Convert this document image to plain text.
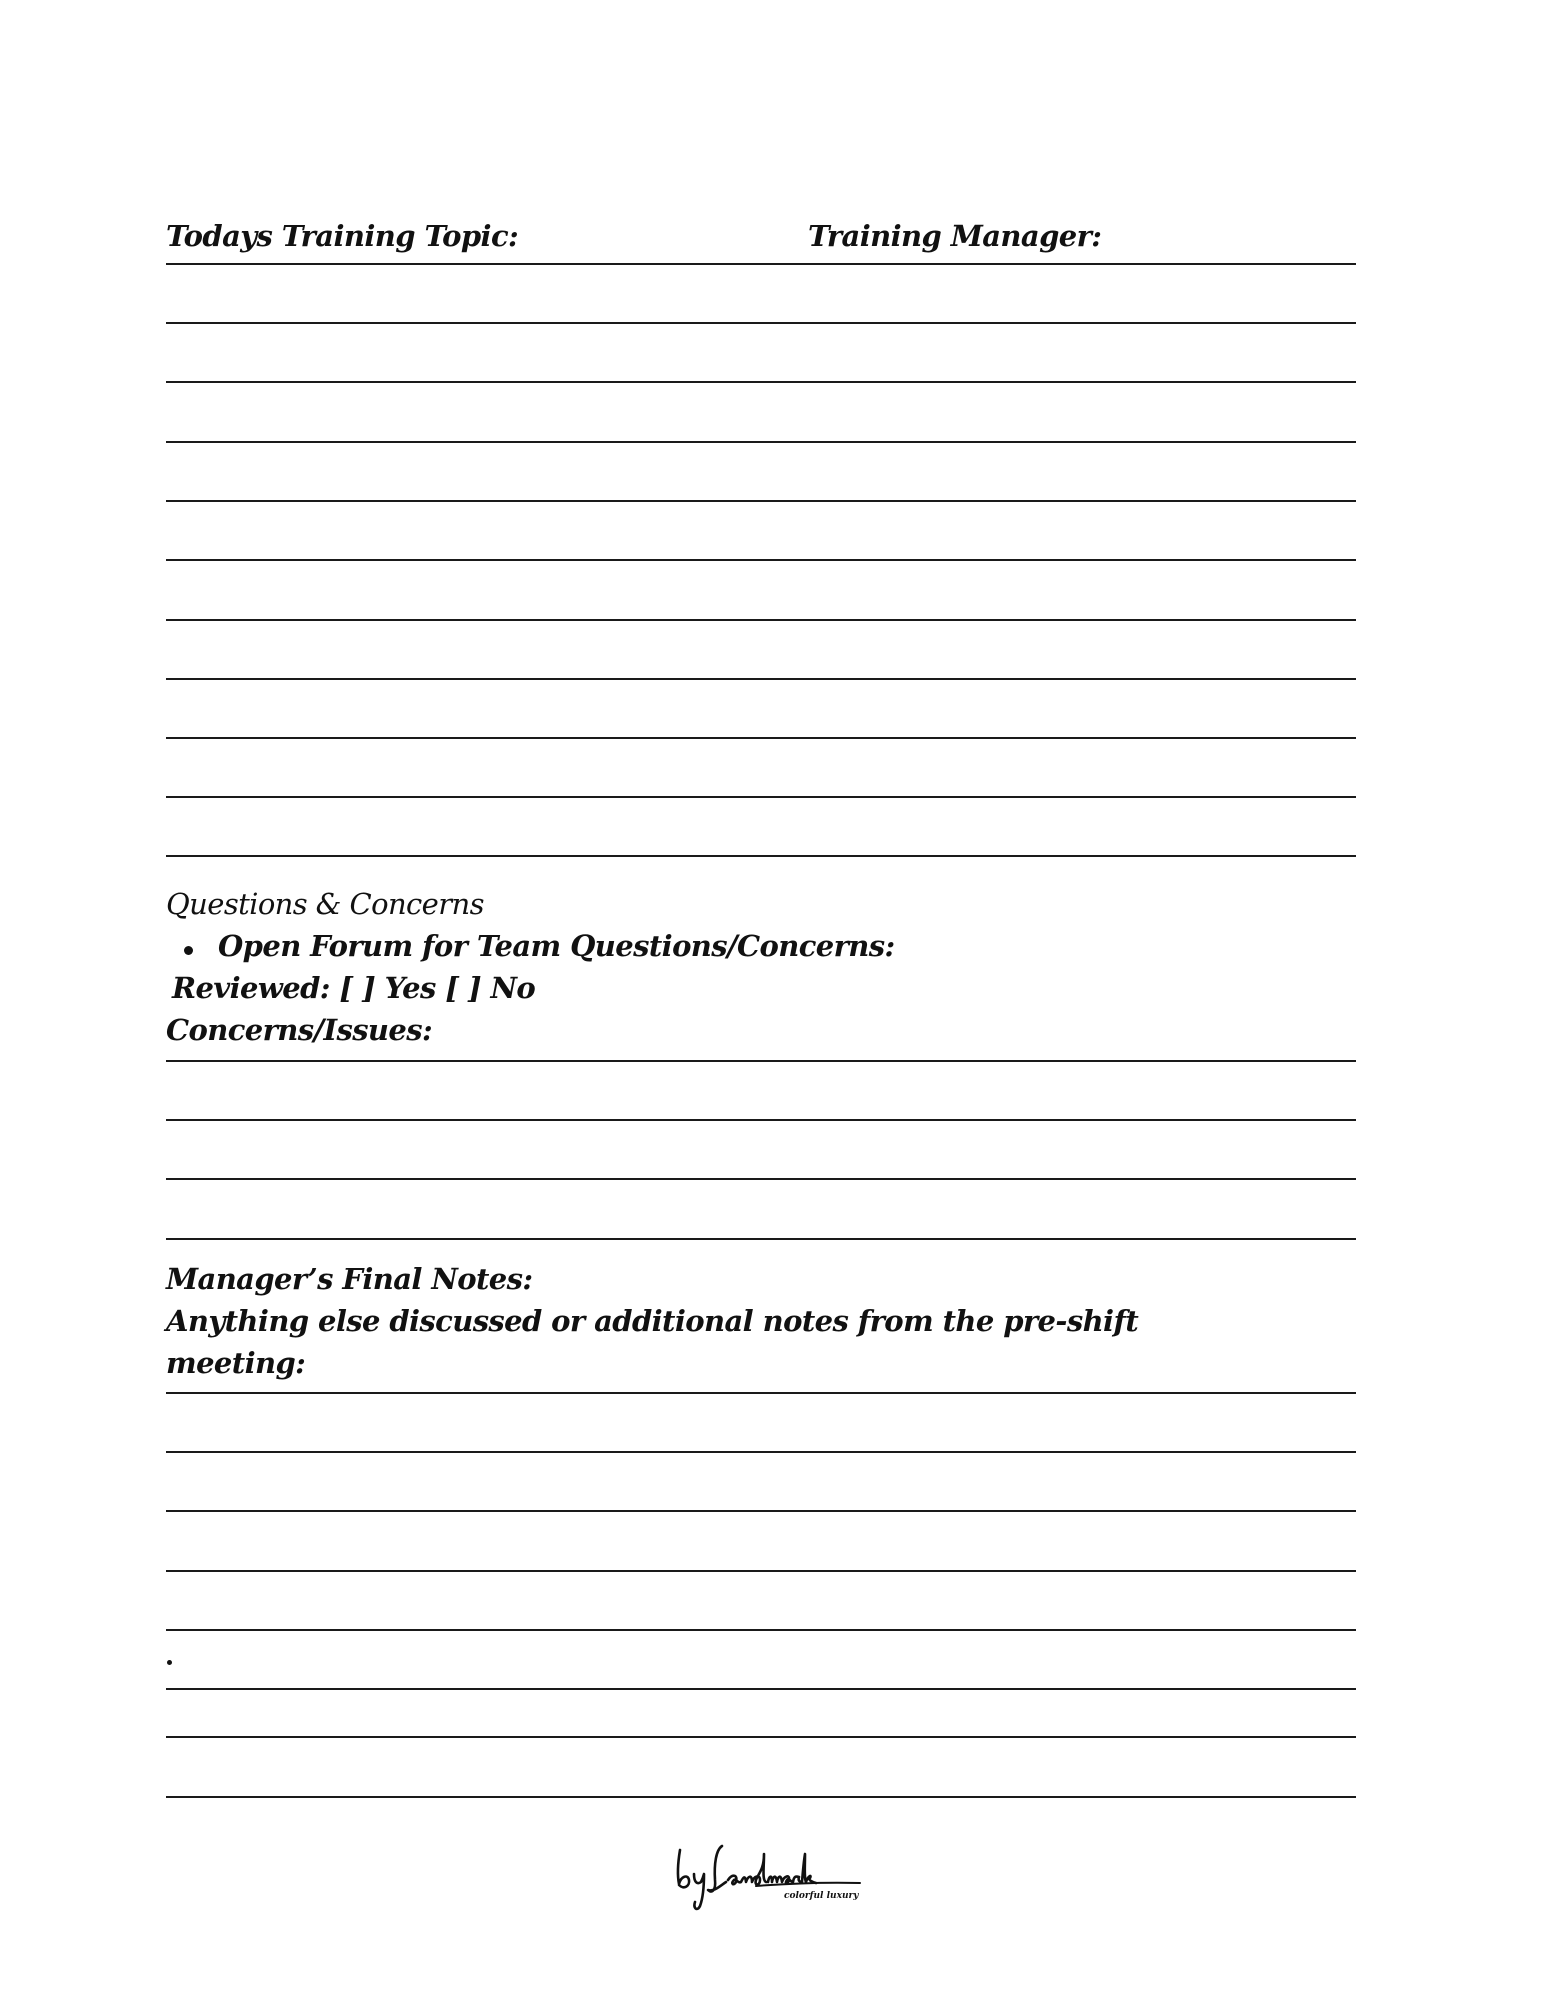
Todays Training Topic:	Training Manager:
Questions & Concerns
Open Forum for Team Questions/Concerns:
Reviewed: [ ] Yes [ ] No
Concerns/Issues:
Manager’s Final Notes:
Anything else discussed or additional notes from the pre-shift
meeting:
colorful luxury
